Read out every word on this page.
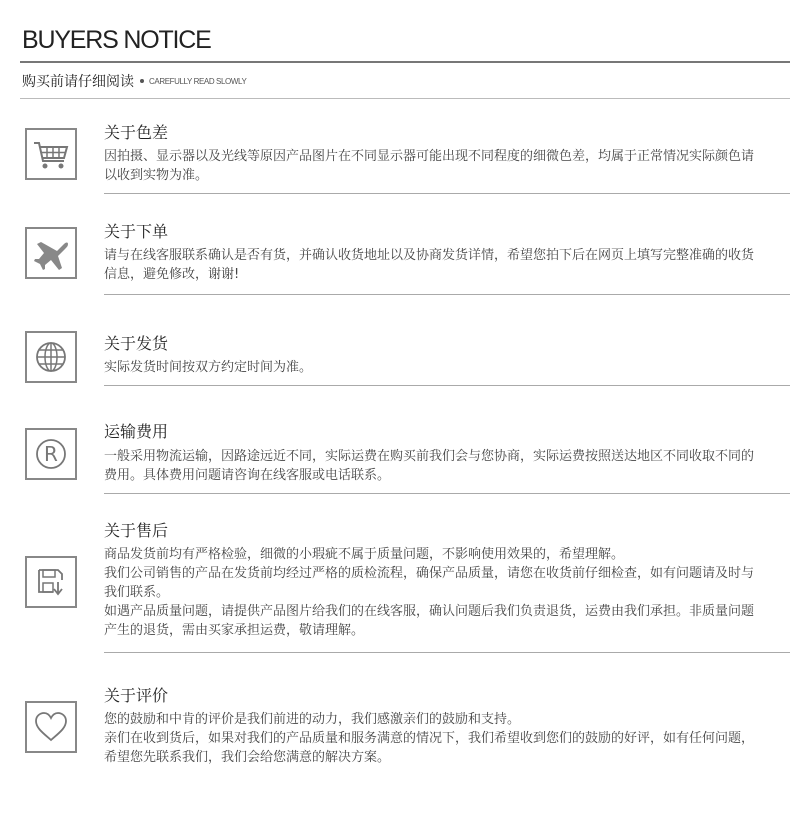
BUYERS NOTICE
购买前请仔细阅读 CAREFULLY READ SLOWLY
关于色差

因拍摄、显示器以及光线等原因产品图片在不同显示器可能出现不同程度的细微色差，均属于正常情况实际颜色请以收到实物为准。

关于下单

请与在线客服联系确认是否有货，并确认收货地址以及协商发货详情，希望您拍下后在网页上填写完整准确的收货信息，避免修改，谢谢!

关于发货

实际发货时间按双方约定时间为准。

R
运输费用

一般采用物流运输，因路途远近不同，实际运费在购买前我们会与您协商，实际运费按照送达地区不同收取不同的费用。具体费用问题请咨询在线客服或电话联系。

关于售后

商品发货前均有严格检验，细微的小瑕疵不属于质量问题，不影响使用效果的，希望理解。

我们公司销售的产品在发货前均经过严格的质检流程，确保产品质量，请您在收货前仔细检查，如有问题请及时与我们联系。

如遇产品质量问题，请提供产品图片给我们的在线客服，确认问题后我们负责退货，运费由我们承担。非质量问题产生的退货，需由买家承担运费，敬请理解。

关于评价

您的鼓励和中肯的评价是我们前进的动力，我们感激亲们的鼓励和支持。

亲们在收到货后，如果对我们的产品质量和服务满意的情况下，我们希望收到您们的鼓励的好评，如有任何问题，希望您先联系我们，我们会给您满意的解决方案。
